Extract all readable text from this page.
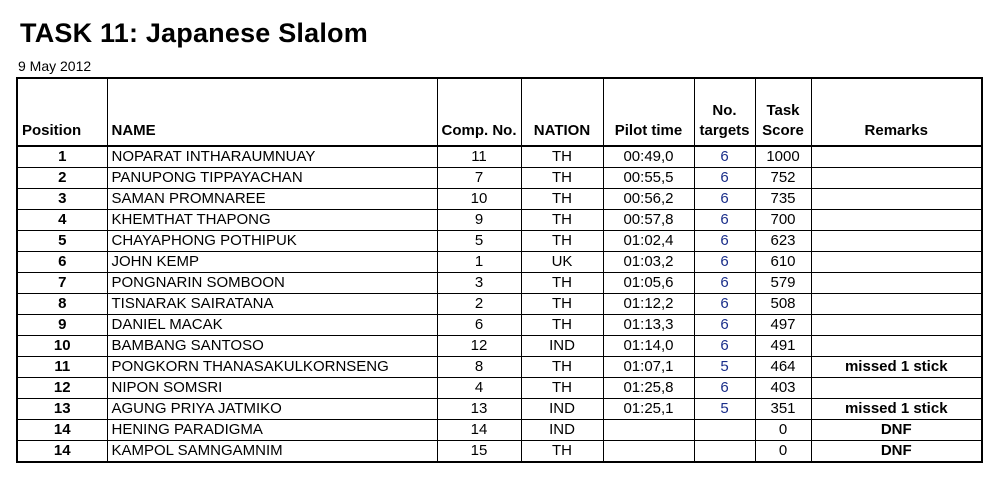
TASK 11: Japanese Slalom
9 May 2012
Position	NAME	Comp. No.	NATION	Pilot time	No. targets	Task Score	Remarks
1	NOPARAT INTHARAUMNUAY	11	TH	00:49,0	6	1000	
2	PANUPONG TIPPAYACHAN	7	TH	00:55,5	6	752	
3	SAMAN PROMNAREE	10	TH	00:56,2	6	735	
4	KHEMTHAT THAPONG	9	TH	00:57,8	6	700	
5	CHAYAPHONG POTHIPUK	5	TH	01:02,4	6	623	
6	JOHN KEMP	1	UK	01:03,2	6	610	
7	PONGNARIN SOMBOON	3	TH	01:05,6	6	579	
8	TISNARAK SAIRATANA	2	TH	01:12,2	6	508	
9	DANIEL MACAK	6	TH	01:13,3	6	497	
10	BAMBANG SANTOSO	12	IND	01:14,0	6	491	
11	PONGKORN THANASAKULKORNSENG	8	TH	01:07,1	5	464	missed 1 stick
12	NIPON SOMSRI	4	TH	01:25,8	6	403	
13	AGUNG PRIYA JATMIKO	13	IND	01:25,1	5	351	missed 1 stick
14	HENING PARADIGMA	14	IND			0	DNF
14	KAMPOL SAMNGAMNIM	15	TH			0	DNF
